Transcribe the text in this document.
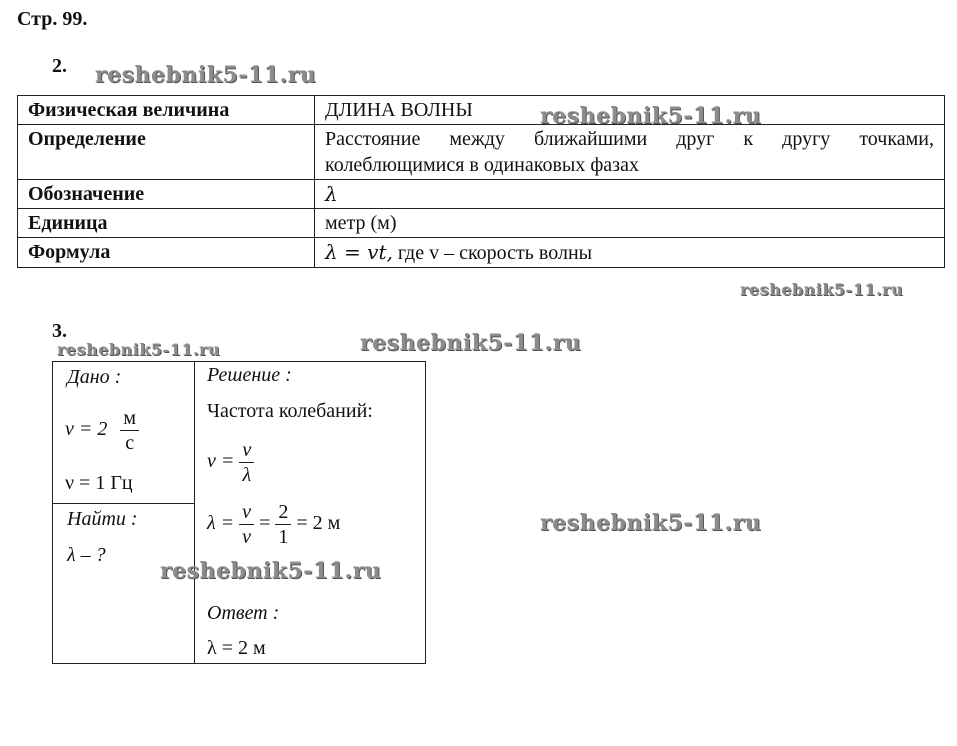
Стр. 99.
2.
Физическая величина	ДЛИНА ВОЛНЫ
Определение	Расстояние между ближайшими друг к другу точками, колеблющимися в одинаковых фазах
Обозначение	λ
Единица	метр (м)
Формула	λ = vt, где v – скорость волны
3.
Дано :
$v = 2 \frac{м}{с}$
ν = 1 Гц
Найти :
λ – ?
Решение :
Частота колебаний:
$\nu = \frac{v}{\lambda}$
$\lambda = \frac{v}{\nu} = \frac{2}{1} = 2$ м
Ответ :
λ = 2 м
reshebnik5-11.ru
reshebnik5-11.ru
reshebnik5-11.ru
reshebnik5-11.ru	reshebnik5-11.ru
reshebnik5-11.ru
reshebnik5-11.ru
